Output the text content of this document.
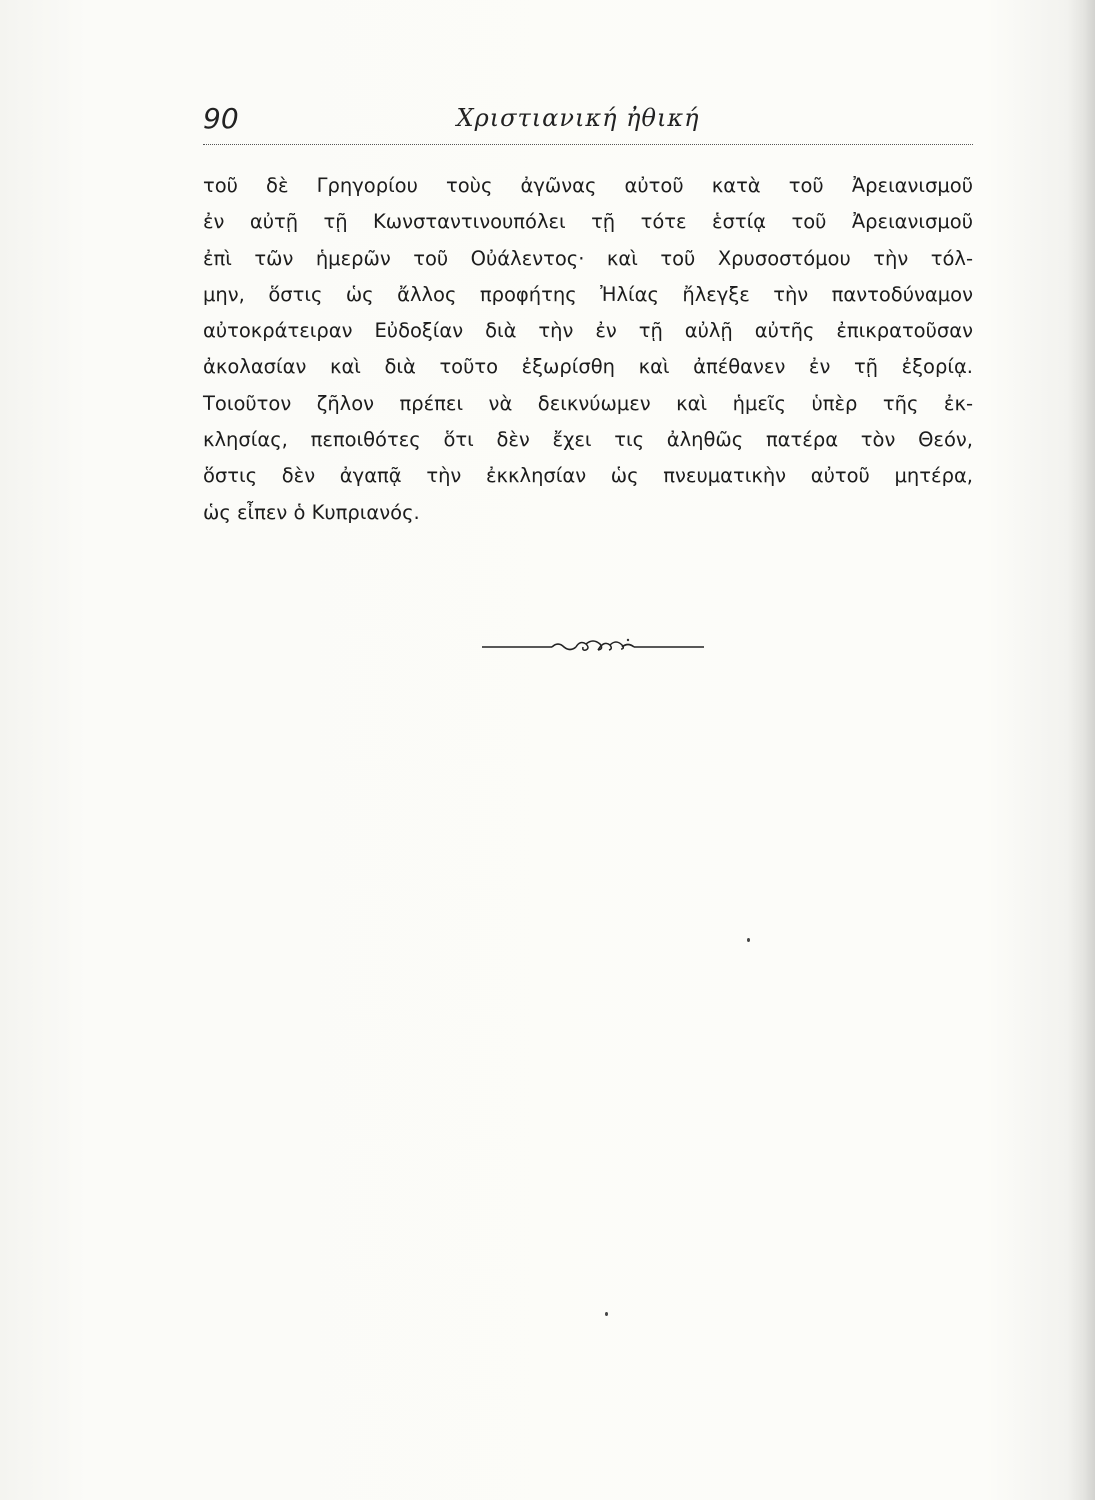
90	Χριστιανική ἠθική
τοῦ δὲ Γρηγορίου τοὺς ἀγῶνας αὐτοῦ κατὰ τοῦ Ἀρειανισμοῦ
ἐν αὐτῇ τῇ Κωνσταντινουπόλει τῇ τότε ἑστίᾳ τοῦ Ἀρειανισμοῦ
ἐπὶ τῶν ἡμερῶν τοῦ Οὐάλεντος· καὶ τοῦ Χρυσοστόμου τὴν τόλ-
μην, ὅστις ὡς ἄλλος προφήτης Ἠλίας ἤλεγξε τὴν παντοδύναμον
αὐτοκράτειραν Εὐδοξίαν διὰ τὴν ἐν τῇ αὐλῇ αὐτῆς ἐπικρατοῦσαν
ἀκολασίαν καὶ διὰ τοῦτο ἐξωρίσθη καὶ ἀπέθανεν ἐν τῇ ἐξορίᾳ.
Τοιοῦτον ζῆλον πρέπει νὰ δεικνύωμεν καὶ ἡμεῖς ὑπὲρ τῆς ἐκ-
κλησίας, πεποιθότες ὅτι δὲν ἔχει τις ἀληθῶς πατέρα τὸν Θεόν,
ὅστις δὲν ἀγαπᾷ τὴν ἐκκλησίαν ὡς πνευματικὴν αὐτοῦ μητέρα,
ὡς εἶπεν ὁ Κυπριανός.
